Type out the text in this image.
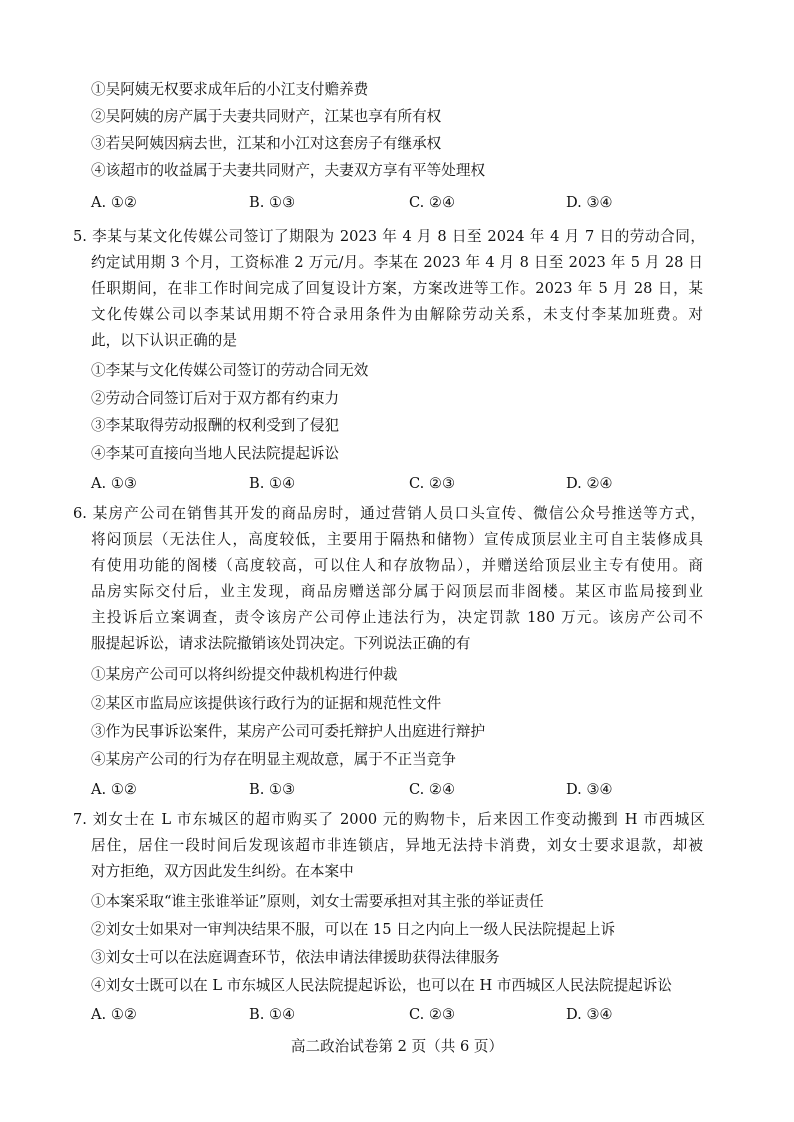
①吴阿姨无权要求成年后的小江支付赡养费
②吴阿姨的房产属于夫妻共同财产，江某也享有所有权
③若吴阿姨因病去世，江某和小江对这套房子有继承权
④该超市的收益属于夫妻共同财产，夫妻双方享有平等处理权
A. ①②	B. ①③	C. ②④	D. ③④
5. 李某与某文化传媒公司签订了期限为 2023 年 4 月 8 日至 2024 年 4 月 7 日的劳动合同，
约定试用期 3 个月，工资标准 2 万元/月。李某在 2023 年 4 月 8 日至 2023 年 5 月 28 日
任职期间，在非工作时间完成了回复设计方案，方案改进等工作。2023 年 5 月 28 日，某
文化传媒公司以李某试用期不符合录用条件为由解除劳动关系，未支付李某加班费。对
此，以下认识正确的是
①李某与文化传媒公司签订的劳动合同无效
②劳动合同签订后对于双方都有约束力
③李某取得劳动报酬的权利受到了侵犯
④李某可直接向当地人民法院提起诉讼
A. ①③	B. ①④	C. ②③	D. ②④
6. 某房产公司在销售其开发的商品房时，通过营销人员口头宣传、微信公众号推送等方式，
将闷顶层（无法住人，高度较低，主要用于隔热和储物）宣传成顶层业主可自主装修成具
有使用功能的阁楼（高度较高，可以住人和存放物品），并赠送给顶层业主专有使用。商
品房实际交付后，业主发现，商品房赠送部分属于闷顶层而非阁楼。某区市监局接到业
主投诉后立案调查，责令该房产公司停止违法行为，决定罚款 180 万元。该房产公司不
服提起诉讼，请求法院撤销该处罚决定。下列说法正确的有
①某房产公司可以将纠纷提交仲裁机构进行仲裁
②某区市监局应该提供该行政行为的证据和规范性文件
③作为民事诉讼案件，某房产公司可委托辩护人出庭进行辩护
④某房产公司的行为存在明显主观故意，属于不正当竞争
A. ①②	B. ①③	C. ②④	D. ③④
7. 刘女士在 L 市东城区的超市购买了 2000 元的购物卡，后来因工作变动搬到 H 市西城区
居住，居住一段时间后发现该超市非连锁店，异地无法持卡消费，刘女士要求退款，却被
对方拒绝，双方因此发生纠纷。在本案中
①本案采取“谁主张谁举证”原则，刘女士需要承担对其主张的举证责任
②刘女士如果对一审判决结果不服，可以在 15 日之内向上一级人民法院提起上诉
③刘女士可以在法庭调查环节，依法申请法律援助获得法律服务
④刘女士既可以在 L 市东城区人民法院提起诉讼，也可以在 H 市西城区人民法院提起诉讼
A. ①②	B. ①④	C. ②③	D. ③④
高二政治试卷第 2 页（共 6 页）
